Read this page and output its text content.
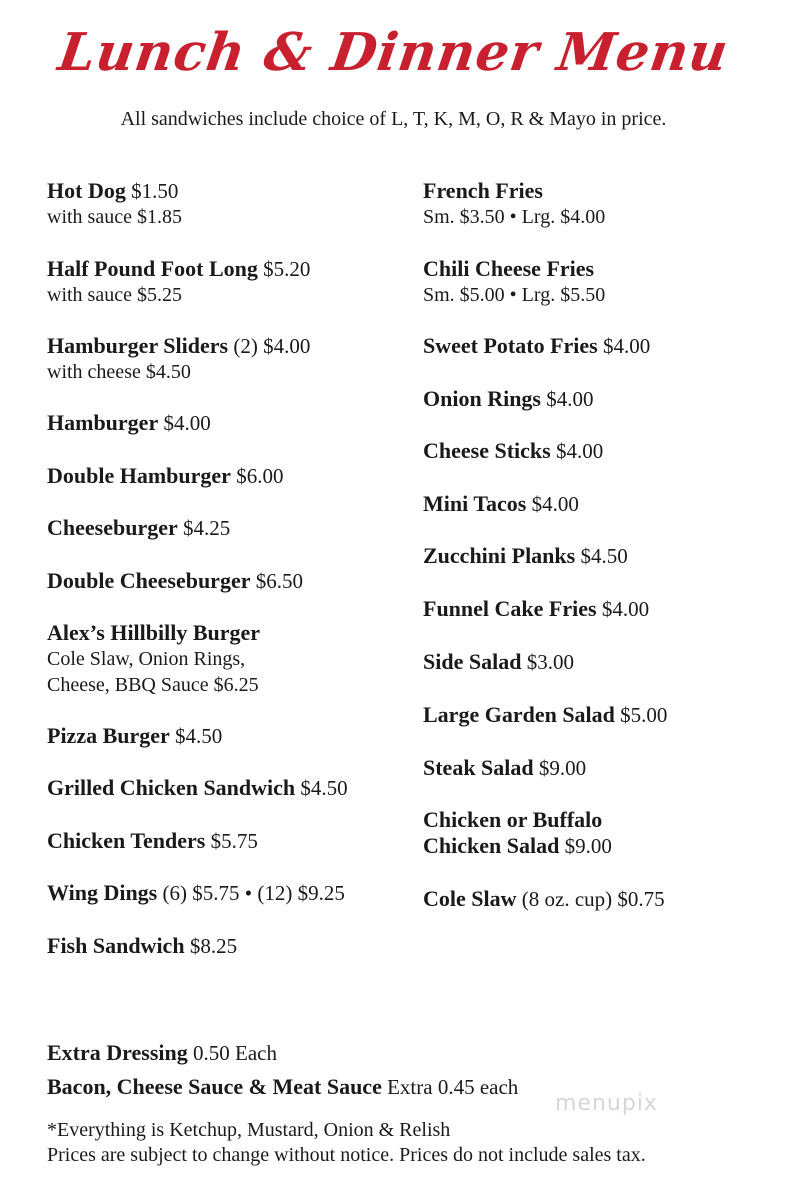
Lunch & Dinner Menu
All sandwiches include choice of L, T, K, M, O, R & Mayo in price.
Hot Dog $1.50
with sauce $1.85
Half Pound Foot Long $5.20
with sauce $5.25
Hamburger Sliders (2) $4.00
with cheese $4.50
Hamburger $4.00
Double Hamburger $6.00
Cheeseburger $4.25
Double Cheeseburger $6.50
Alex’s Hillbilly Burger
Cole Slaw, Onion Rings,
Cheese, BBQ Sauce $6.25
Pizza Burger $4.50
Grilled Chicken Sandwich $4.50
Chicken Tenders $5.75
Wing Dings (6) $5.75 • (12) $9.25
Fish Sandwich $8.25
French Fries
Sm. $3.50 • Lrg. $4.00
Chili Cheese Fries
Sm. $5.00 • Lrg. $5.50
Sweet Potato Fries $4.00
Onion Rings $4.00
Cheese Sticks $4.00
Mini Tacos $4.00
Zucchini Planks $4.50
Funnel Cake Fries $4.00
Side Salad $3.00
Large Garden Salad $5.00
Steak Salad $9.00
Chicken or Buffalo
Chicken Salad $9.00
Cole Slaw (8 oz. cup) $0.75
Extra Dressing 0.50 Each
Bacon, Cheese Sauce & Meat Sauce Extra 0.45 each
*Everything is Ketchup, Mustard, Onion & Relish
Prices are subject to change without notice. Prices do not include sales tax.
menupix
